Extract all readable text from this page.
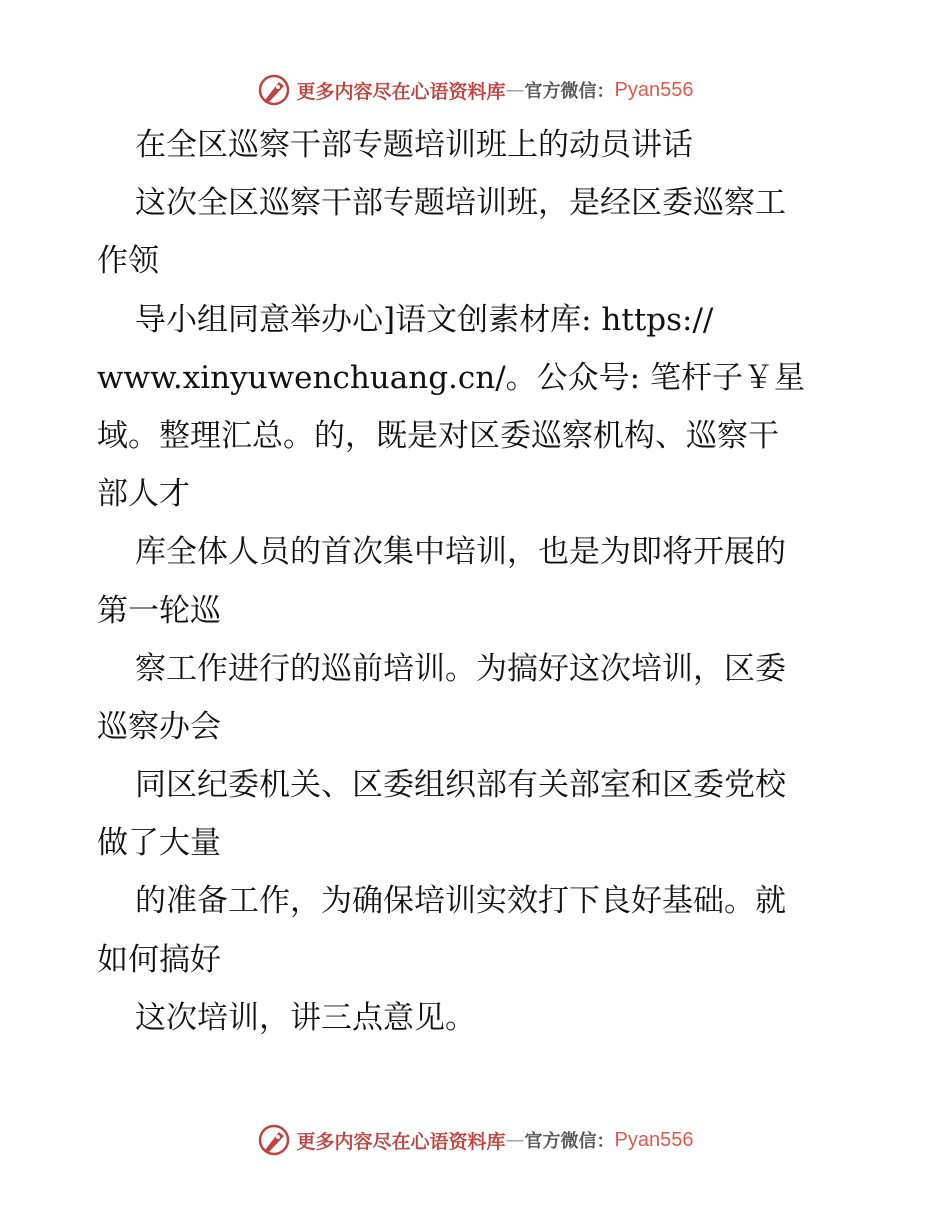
更多内容尽在心语资料库 — 官方微信： Pyan556
在全区巡察干部专题培训班上的动员讲话
这次全区巡察干部专题培训班，是经区委巡察工
作领
导小组同意举办心]语文创素材库: https://
www.xinyuwenchuang.cn/。公众号: 笔杆子￥星
域。整理汇总。的，既是对区委巡察机构、巡察干
部人才
库全体人员的首次集中培训，也是为即将开展的
第一轮巡
察工作进行的巡前培训。为搞好这次培训，区委
巡察办会
同区纪委机关、区委组织部有关部室和区委党校
做了大量
的准备工作，为确保培训实效打下良好基础。就
如何搞好
这次培训，讲三点意见。
更多内容尽在心语资料库 — 官方微信： Pyan556
